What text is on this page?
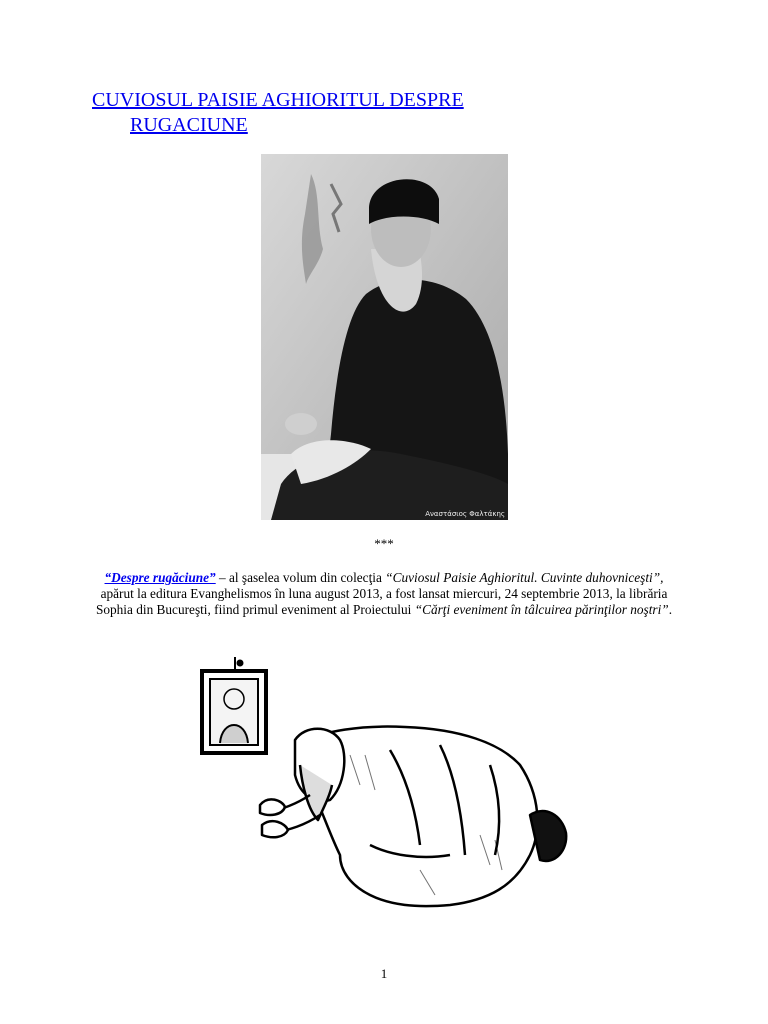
CUVIOSUL PAISIE AGHIORITUL DESPRE
RUGACIUNE
Αναστάσιος Φαλτάκης
***
“Despre rugăciune” – al şaselea volum din colecţia “Cuviosul Paisie Aghioritul. Cuvinte duhovniceşti”, apărut la editura Evanghelismos în luna august 2013, a fost lansat miercuri, 24 septembrie 2013, la librăria Sophia din Bucureşti, fiind primul eveniment al Proiectului “Cărţi eveniment în tâlcuirea părinţilor noştri”.
1
